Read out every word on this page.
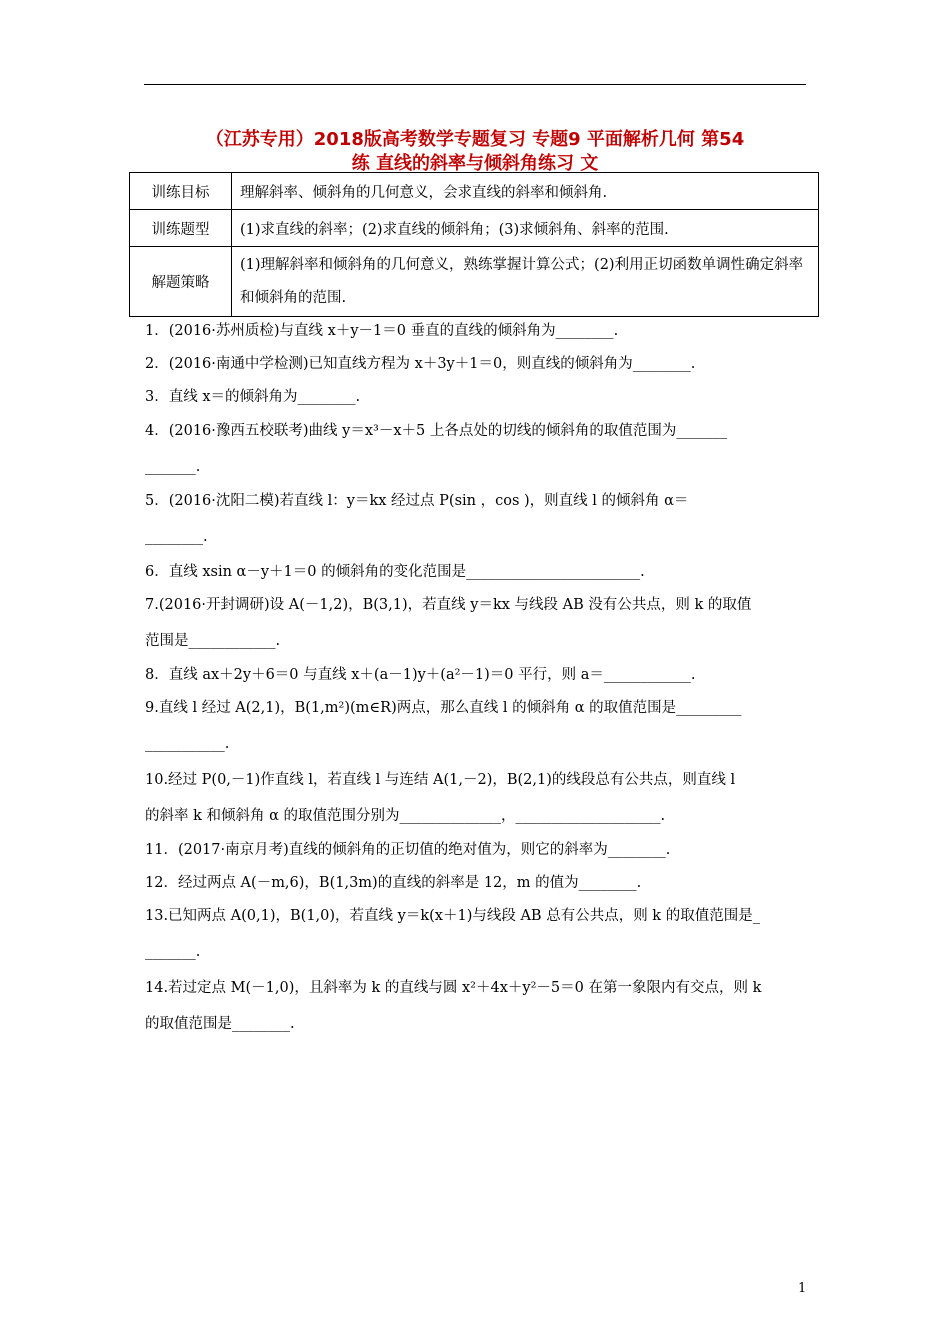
（江苏专用）2018版高考数学专题复习 专题9 平面解析几何 第54
练 直线的斜率与倾斜角练习 文
训练目标	理解斜率、倾斜角的几何意义，会求直线的斜率和倾斜角.
训练题型	(1)求直线的斜率；(2)求直线的倾斜角；(3)求倾斜角、斜率的范围.
解题策略	(1)理解斜率和倾斜角的几何意义，熟练掌握计算公式；(2)利用正切函数单调性确定斜率和倾斜角的范围.
1．(2016·苏州质检)与直线 x＋y－1＝0 垂直的直线的倾斜角为________.
2．(2016·南通中学检测)已知直线方程为 x＋3y＋1＝0，则直线的倾斜角为________.
3．直线 x＝的倾斜角为________.
4．(2016·豫西五校联考)曲线 y＝x³－x＋5 上各点处的切线的倾斜角的取值范围为_______
_______.
5．(2016·沈阳二模)若直线 l：y＝kx 经过点 P(sin ，cos )，则直线 l 的倾斜角 α＝
________.
6．直线 xsin α－y＋1＝0 的倾斜角的变化范围是________________________.
7.(2016·开封调研)设 A(－1,2)，B(3,1)，若直线 y＝kx 与线段 AB 没有公共点，则 k 的取值
范围是____________.
8．直线 ax＋2y＋6＝0 与直线 x＋(a－1)y＋(a²－1)＝0 平行，则 a＝____________.
9.直线 l 经过 A(2,1)，B(1,m²)(m∈R)两点，那么直线 l 的倾斜角 α 的取值范围是_________
___________.
10.经过 P(0,－1)作直线 l，若直线 l 与连结 A(1,－2)，B(2,1)的线段总有公共点，则直线 l
的斜率 k 和倾斜角 α 的取值范围分别为______________，____________________.
11．(2017·南京月考)直线的倾斜角的正切值的绝对值为，则它的斜率为________.
12．经过两点 A(－m,6)，B(1,3m)的直线的斜率是 12，m 的值为________.
13.已知两点 A(0,1)，B(1,0)，若直线 y＝k(x＋1)与线段 AB 总有公共点，则 k 的取值范围是_
_______.
14.若过定点 M(－1,0)，且斜率为 k 的直线与圆 x²＋4x＋y²－5＝0 在第一象限内有交点，则 k
的取值范围是________.
1
